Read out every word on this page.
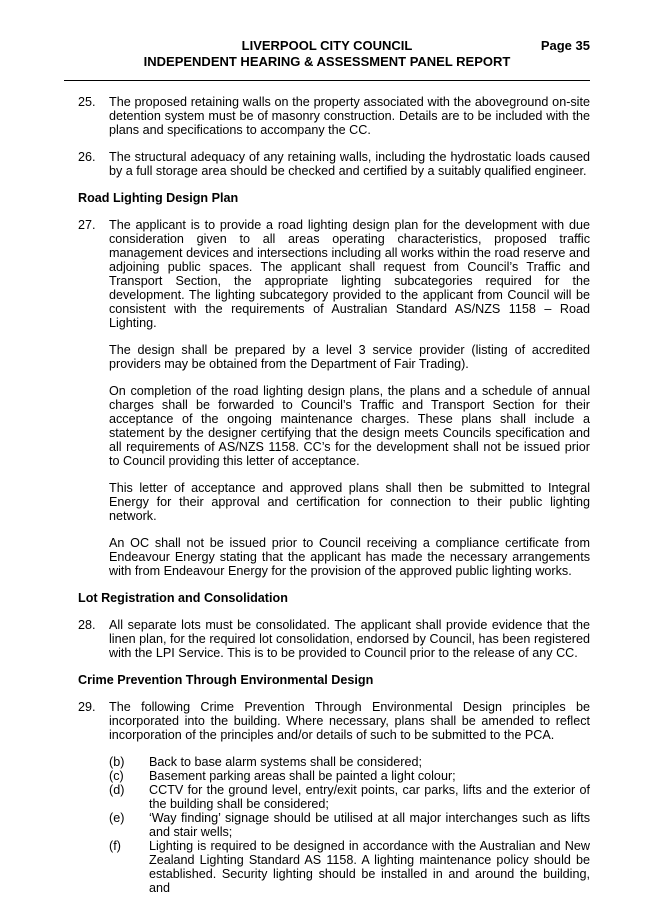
LIVERPOOL CITY COUNCIL	Page 35
INDEPENDENT HEARING & ASSESSMENT PANEL REPORT
25. The proposed retaining walls on the property associated with the aboveground on-site detention system must be of masonry construction. Details are to be included with the plans and specifications to accompany the CC.
26. The structural adequacy of any retaining walls, including the hydrostatic loads caused by a full storage area should be checked and certified by a suitably qualified engineer.
Road Lighting Design Plan
27. The applicant is to provide a road lighting design plan for the development with due consideration given to all areas operating characteristics, proposed traffic management devices and intersections including all works within the road reserve and adjoining public spaces. The applicant shall request from Council’s Traffic and Transport Section, the appropriate lighting subcategories required for the development. The lighting subcategory provided to the applicant from Council will be consistent with the requirements of Australian Standard AS/NZS 1158 – Road Lighting.

The design shall be prepared by a level 3 service provider (listing of accredited providers may be obtained from the Department of Fair Trading).

On completion of the road lighting design plans, the plans and a schedule of annual charges shall be forwarded to Council’s Traffic and Transport Section for their acceptance of the ongoing maintenance charges. These plans shall include a statement by the designer certifying that the design meets Councils specification and all requirements of AS/NZS 1158. CC’s for the development shall not be issued prior to Council providing this letter of acceptance.

This letter of acceptance and approved plans shall then be submitted to Integral Energy for their approval and certification for connection to their public lighting network.

An OC shall not be issued prior to Council receiving a compliance certificate from Endeavour Energy stating that the applicant has made the necessary arrangements with from Endeavour Energy for the provision of the approved public lighting works.

Lot Registration and Consolidation
28. All separate lots must be consolidated. The applicant shall provide evidence that the linen plan, for the required lot consolidation, endorsed by Council, has been registered with the LPI Service. This is to be provided to Council prior to the release of any CC.
Crime Prevention Through Environmental Design
29. The following Crime Prevention Through Environmental Design principles be incorporated into the building. Where necessary, plans shall be amended to reflect incorporation of the principles and/or details of such to be submitted to the PCA.

(b) Back to base alarm systems shall be considered;
(c) Basement parking areas shall be painted a light colour;
(d) CCTV for the ground level, entry/exit points, car parks, lifts and the exterior of the building shall be considered;
(e) ‘Way finding’ signage should be utilised at all major interchanges such as lifts and stair wells;
(f) Lighting is required to be designed in accordance with the Australian and New Zealand Lighting Standard AS 1158. A lighting maintenance policy should be established. Security lighting should be installed in and around the building, and
